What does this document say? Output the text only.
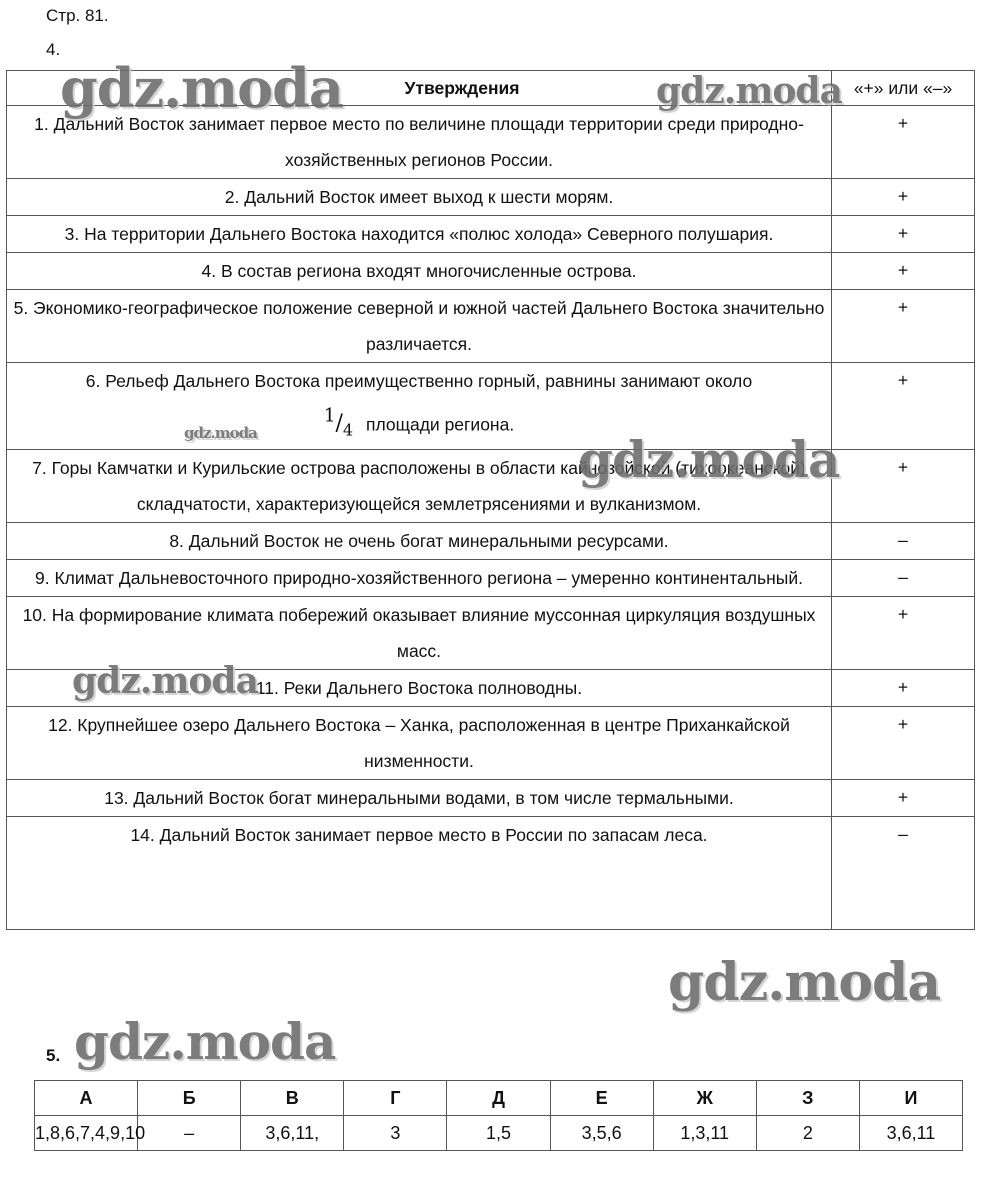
Стр. 81.
4.
Утверждения	«+» или «–»
1. Дальний Восток занимает первое место по величине площади территории среди природно-хозяйственных регионов России.	+
2. Дальний Восток имеет выход к шести морям.	+
3. На территории Дальнего Востока находится «полюс холода» Северного полушария.	+
4. В состав региона входят многочисленные острова.	+
5. Экономико-географическое положение северной и южной частей Дальнего Востока значительно различается.	+
6. Рельеф Дальнего Востока преимущественно горный, равнины занимают около
$^1/_4$ площади региона.	+
7. Горы Камчатки и Курильские острова расположены в области кайнозойской (тихоокеанской) складчатости, характеризующейся землетрясениями и вулканизмом.	+
8. Дальний Восток не очень богат минеральными ресурсами.	–
9. Климат Дальневосточного природно-хозяйственного региона – умеренно континентальный.	–
10. На формирование климата побережий оказывает влияние муссонная циркуляция воздушных масс.	+
11. Реки Дальнего Востока полноводны.	+
12. Крупнейшее озеро Дальнего Востока – Ханка, расположенная в центре Приханкайской низменности.	+
13. Дальний Восток богат минеральными водами, в том числе термальными.	+
14. Дальний Восток занимает первое место в России по запасам леса.	–
5.
А	Б	В	Г	Д	Е	Ж	З	И
1,8,6,7,4,9,10	–	3,6,11,	3	1,5	3,5,6	1,3,11	2	3,6,11
gdz.moda	gdz.moda
gdz.moda	gdz.moda
gdz.moda
gdz.moda
gdz.moda
